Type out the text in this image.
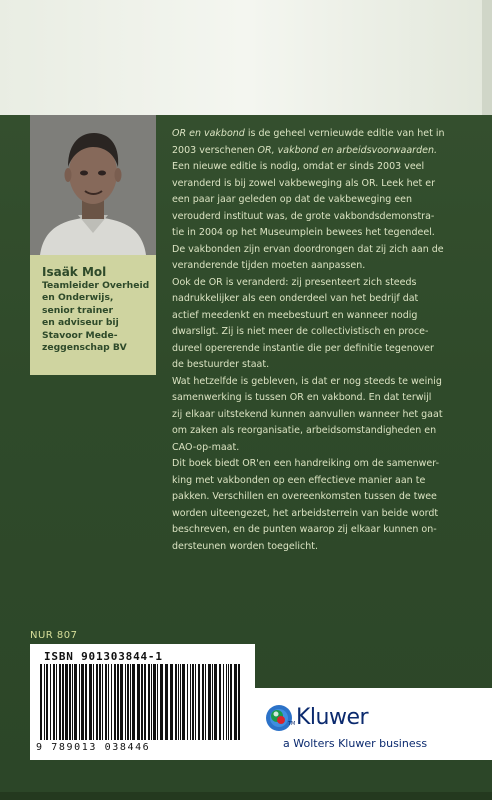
Isaäk Mol
Teamleider Overheid
en Onderwijs,
senior trainer
en adviseur bij
Stavoor Mede-
zeggenschap BV

OR en vakbond is de geheel vernieuwde editie van het in
2003 verschenen OR, vakbond en arbeidsvoorwaarden.
Een nieuwe editie is nodig, omdat er sinds 2003 veel
veranderd is bij zowel vakbeweging als OR. Leek het er
een paar jaar geleden op dat de vakbeweging een
verouderd instituut was, de grote vakbondsdemonstra-
tie in 2004 op het Museumplein bewees het tegendeel.
De vakbonden zijn ervan doordrongen dat zij zich aan de
veranderende tijden moeten aanpassen.

Ook de OR is veranderd: zij presenteert zich steeds
nadrukkelijker als een onderdeel van het bedrijf dat
actief meedenkt en meebestuurt en wanneer nodig
dwarsligt. Zij is niet meer de collectivistisch en proce-
dureel opererende instantie die per definitie tegenover
de bestuurder staat.

Wat hetzelfde is gebleven, is dat er nog steeds te weinig
samenwerking is tussen OR en vakbond. En dat terwijl
zij elkaar uitstekend kunnen aanvullen wanneer het gaat
om zaken als reorganisatie, arbeidsomstandigheden en
CAO-op-maat.

Dit boek biedt OR'en een handreiking om de samenwer-
king met vakbonden op een effectieve manier aan te
pakken. Verschillen en overeenkomsten tussen de twee
worden uiteengezet, het arbeidsterrein van beide wordt
beschreven, en de punten waarop zij elkaar kunnen on-
dersteunen worden toegelicht.

NUR 807
ISBN 901303844-1
9 789013 038446
TM Kluwer
a Wolters Kluwer business
